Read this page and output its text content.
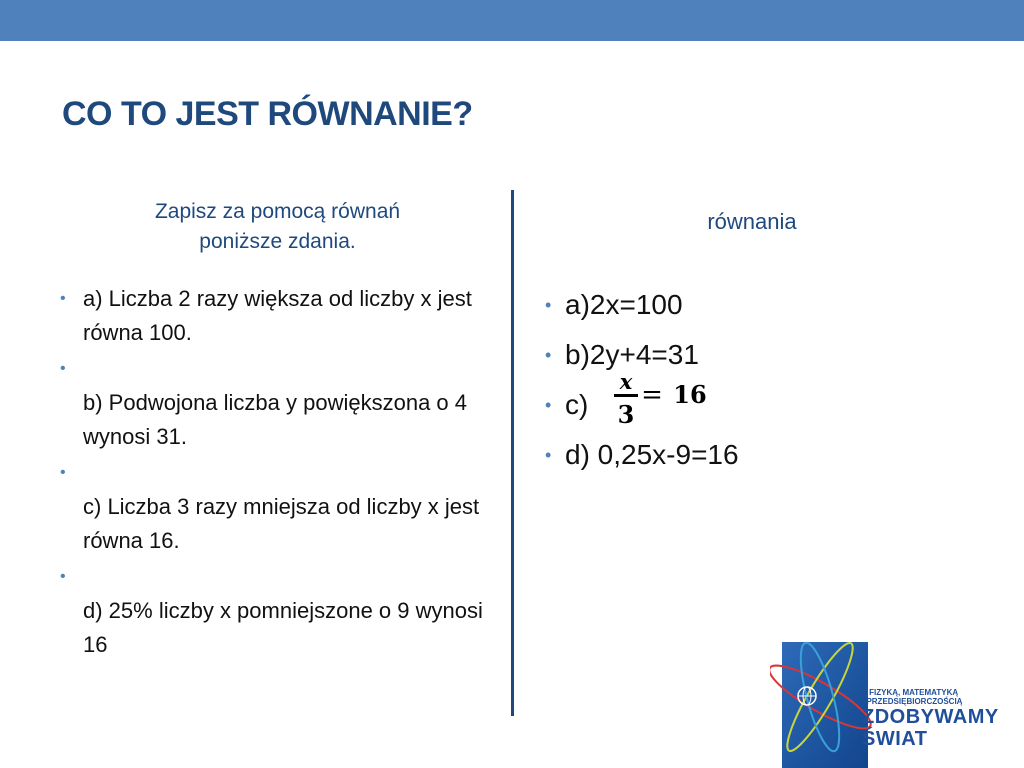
CO TO JEST RÓWNANIE?
Zapisz za pomocą równań
poniższe zdania.
równania
• a) Liczba 2 razy większa od liczby x jest równa 100.
•
b) Podwojona liczba y powiększona o 4 wynosi 31.
•
c) Liczba 3 razy mniejsza od liczby x jest równa 16.
•
d) 25% liczby x pomniejszone o 9 wynosi 16
• a)2x=100
• b)2y+4=31
• c)
• d) 0,25x-9=16
x
3
= 16
Z FIZYKĄ, MATEMATYKĄ
I PRZEDSIĘBIORCZOŚCIĄ
ZDOBYWAMY
ŚWIAT
